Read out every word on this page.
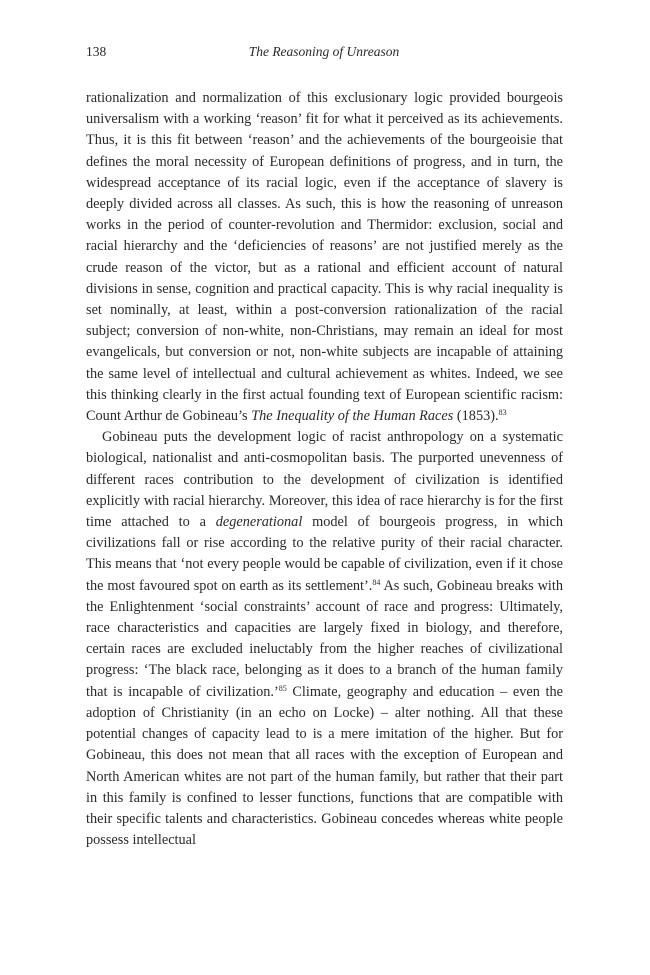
138	The Reasoning of Unreason

rationalization and normalization of this exclusionary logic provided bourgeois universalism with a working ‘reason’ fit for what it perceived as its achievements. Thus, it is this fit between ‘reason’ and the achievements of the bourgeoisie that defines the moral necessity of European definitions of progress, and in turn, the widespread acceptance of its racial logic, even if the acceptance of slavery is deeply divided across all classes. As such, this is how the reasoning of unreason works in the period of counter-revolution and Thermidor: exclusion, social and racial hierarchy and the ‘deficiencies of reasons’ are not justified merely as the crude reason of the victor, but as a rational and efficient account of natural divisions in sense, cognition and practical capacity. This is why racial inequality is set nominally, at least, within a post-conversion rationalization of the racial subject; conversion of non-white, non-Christians, may remain an ideal for most evangelicals, but conversion or not, non-white subjects are incapable of attaining the same level of intellectual and cultural achievement as whites. Indeed, we see this thinking clearly in the first actual founding text of European scientific racism: Count Arthur de Gobineau’s The Inequality of the Human Races (1853).$^{83}$

Gobineau puts the development logic of racist anthropology on a systematic biological, nationalist and anti-cosmopolitan basis. The purported unevenness of different races contribution to the development of civilization is identified explicitly with racial hierarchy. Moreover, this idea of race hierarchy is for the first time attached to a degenerational model of bourgeois progress, in which civilizations fall or rise according to the relative purity of their racial character. This means that ‘not every people would be capable of civilization, even if it chose the most favoured spot on earth as its settlement’.$^{84}$ As such, Gobineau breaks with the Enlightenment ‘social constraints’ account of race and progress: Ultimately, race characteristics and capacities are largely fixed in biology, and therefore, certain races are excluded ineluctably from the higher reaches of civilizational progress: ‘The black race, belonging as it does to a branch of the human family that is incapable of civilization.’$^{85}$ Climate, geography and education – even the adoption of Christianity (in an echo on Locke) – alter nothing. All that these potential changes of capacity lead to is a mere imitation of the higher. But for Gobineau, this does not mean that all races with the exception of European and North American whites are not part of the human family, but rather that their part in this family is confined to lesser functions, functions that are compatible with their specific talents and characteristics. Gobineau concedes whereas white people possess intellectual
